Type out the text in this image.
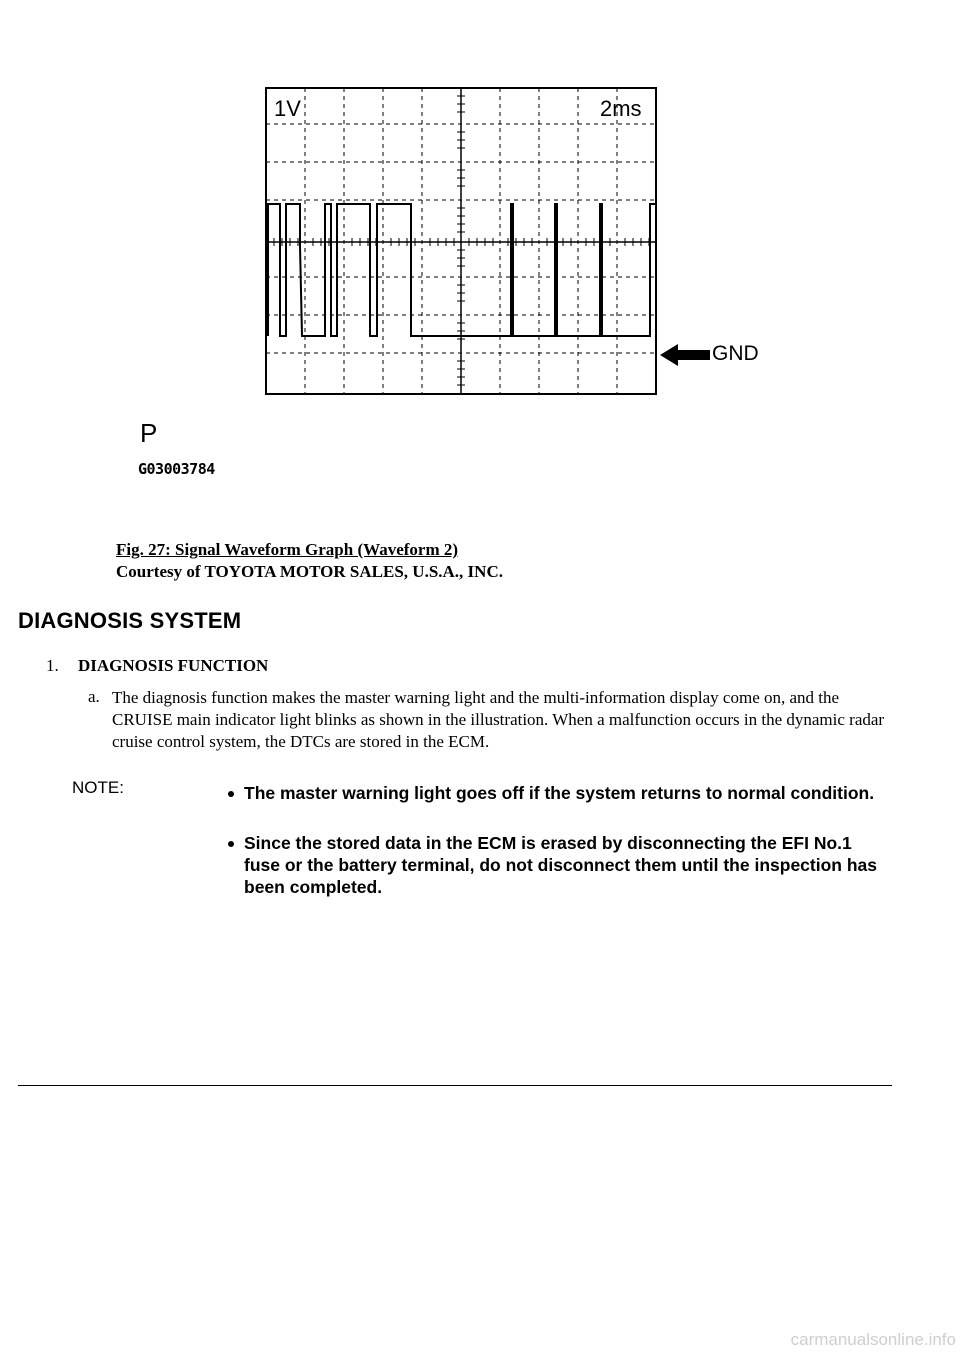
1V	2ms
GND
P
G03003784
Fig. 27: Signal Waveform Graph (Waveform 2)
Courtesy of TOYOTA MOTOR SALES, U.S.A., INC.
DIAGNOSIS SYSTEM
1. DIAGNOSIS FUNCTION
a. The diagnosis function makes the master warning light and the multi-information display come on, and the CRUISE main indicator light blinks as shown in the illustration. When a malfunction occurs in the dynamic radar cruise control system, the DTCs are stored in the ECM.
NOTE:	The master warning light goes off if the system returns to normal condition.
Since the stored data in the ECM is erased by disconnecting the EFI No.1 fuse or the battery terminal, do not disconnect them until the inspection has been completed.
carmanualsonline.info
